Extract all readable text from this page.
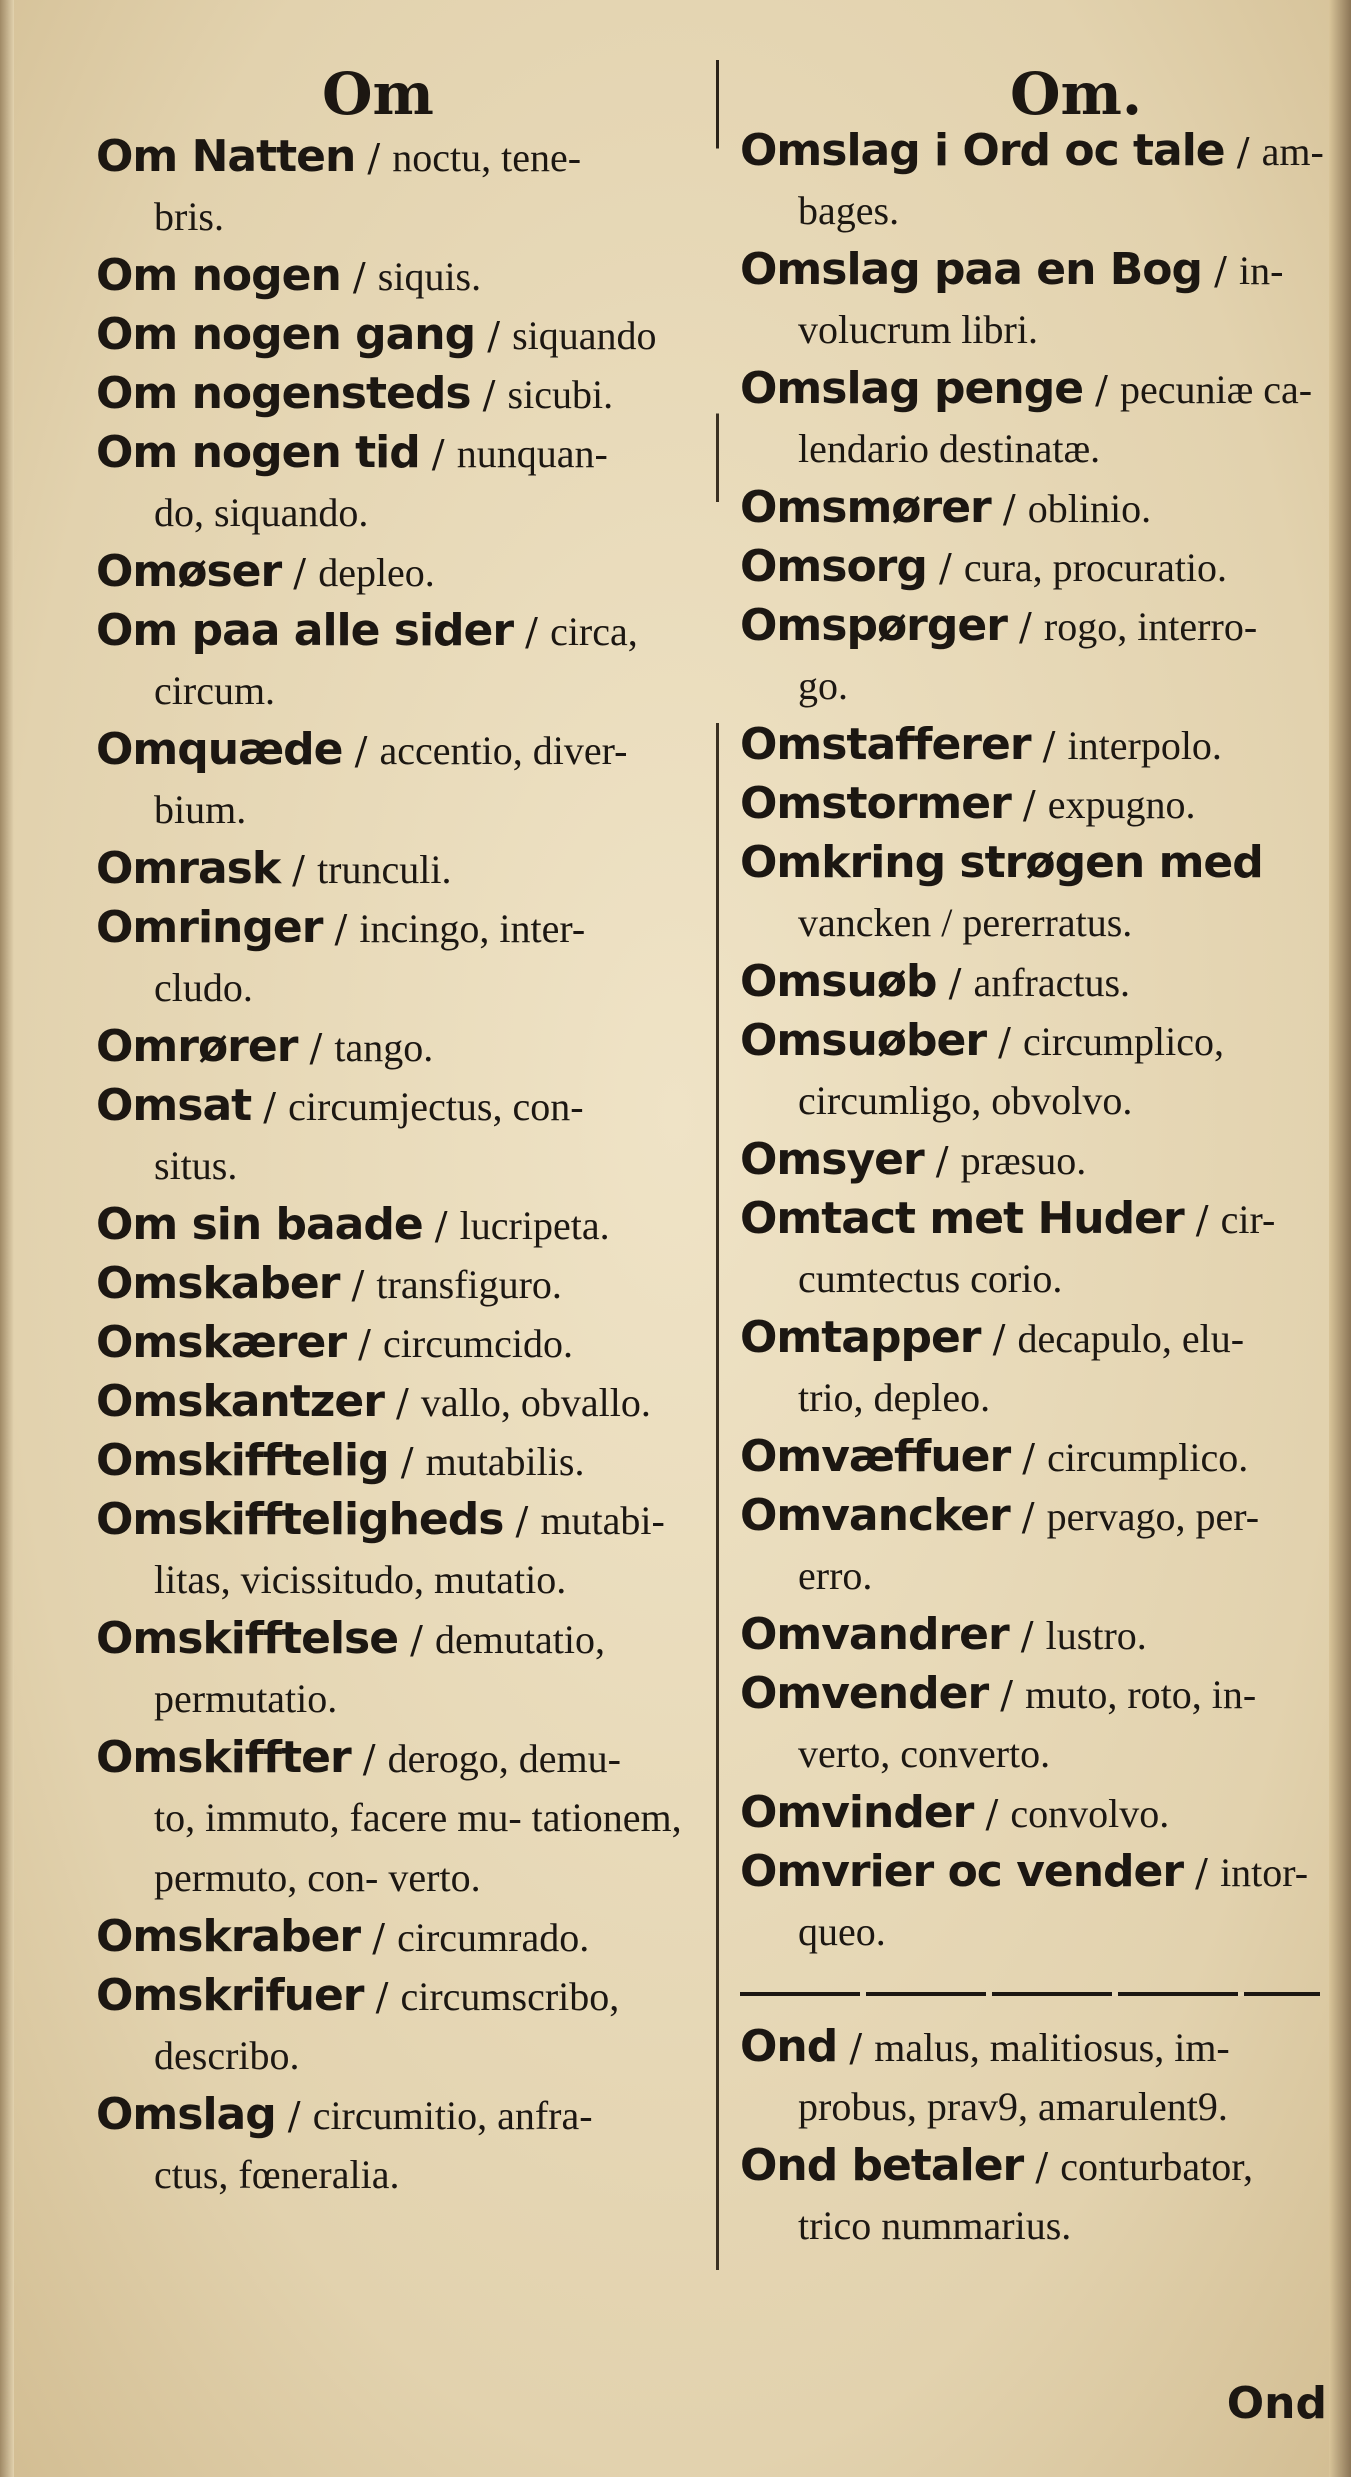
Om	Om.

Om Natten / noctu, tene-
bris.

Om nogen / siquis.

Om nogen gang / siquando

Om nogensteds / sicubi.

Om nogen tid / nunquan-
do, siquando.

Omøser / depleo.

Om paa alle sider / circa,
circum.

Omquæde / accentio, diver-
bium.

Omrask / trunculi.

Omringer / incingo, inter-
cludo.

Omrører / tango.

Omsat / circumjectus, con-
situs.

Om sin baade / lucripeta.

Omskaber / transfiguro.

Omskærer / circumcido.

Omskantzer / vallo, obvallo.

Omskifftelig / mutabilis.

Omskiffteligheds / mutabi-
litas, vicissitudo, mutatio.

Omskifftelse / demutatio,
permutatio.

Omskiffter / derogo, demu-
to, immuto, facere mu- tationem, permuto, con- verto.

Omskraber / circumrado.

Omskrifuer / circumscribo,
describo.

Omslag / circumitio, anfra-
ctus, fœneralia.

Omslag i Ord oc tale / am-
bages.

Omslag paa en Bog / in-
volucrum libri.

Omslag penge / pecuniæ ca-
lendario destinatæ.

Omsmører / oblinio.

Omsorg / cura, procuratio.

Omspørger / rogo, interro-
go.

Omstafferer / interpolo.

Omstormer / expugno.

Omkring strøgen med
vancken / pererratus.

Omsuøb / anfractus.

Omsuøber / circumplico,
circumligo, obvolvo.

Omsyer / præsuo.

Omtact met Huder / cir-
cumtectus corio.

Omtapper / decapulo, elu-
trio, depleo.

Omvæffuer / circumplico.

Omvancker / pervago, per-
erro.

Omvandrer / lustro.

Omvender / muto, roto, in-
verto, converto.

Omvinder / convolvo.

Omvrier oc vender / intor-
queo.

Ond / malus, malitiosus, im-
probus, prav9, amarulent9.

Ond betaler / conturbator,
trico nummarius.

Ond
